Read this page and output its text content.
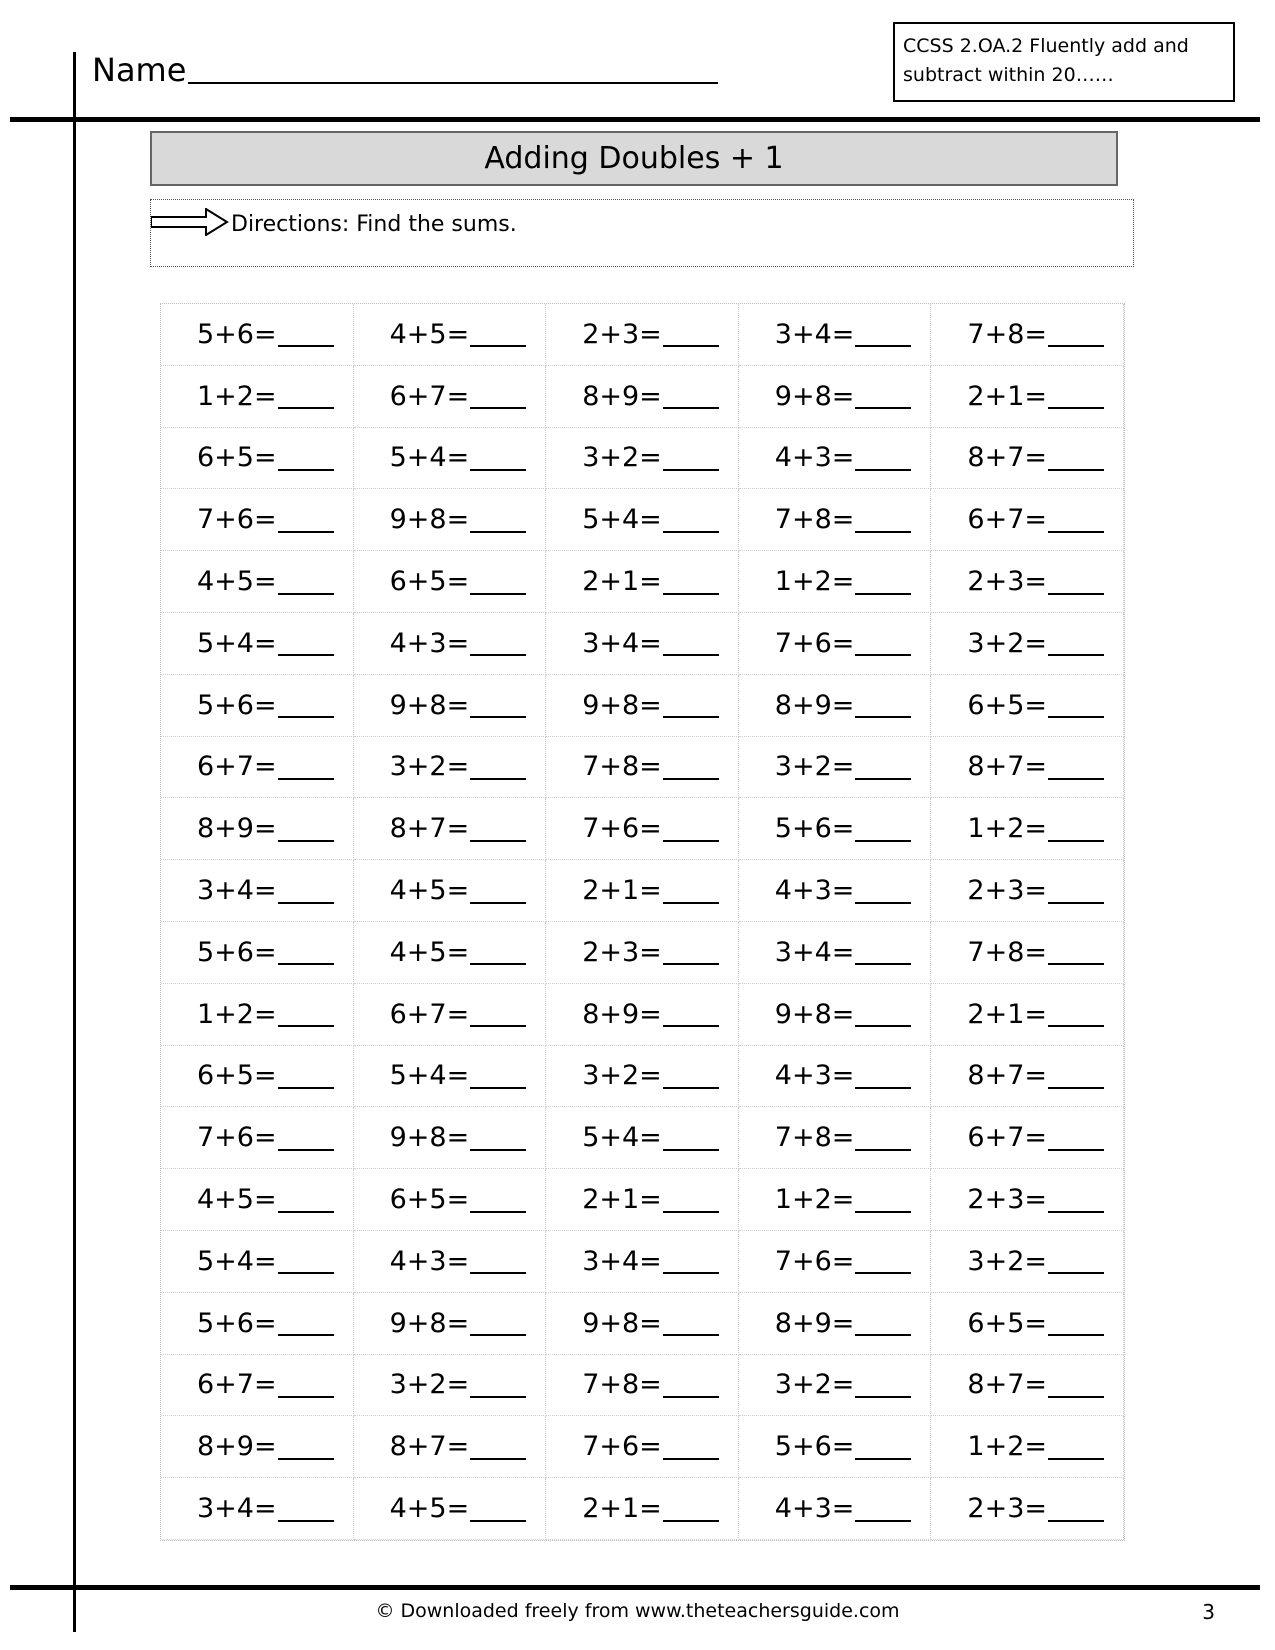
Name
CCSS 2.OA.2 Fluently add and subtract within 20……
Adding Doubles + 1
Directions: Find the sums.
5+6=	4+5=	2+3=	3+4=	7+8=
1+2=	6+7=	8+9=	9+8=	2+1=
6+5=	5+4=	3+2=	4+3=	8+7=
7+6=	9+8=	5+4=	7+8=	6+7=
4+5=	6+5=	2+1=	1+2=	2+3=
5+4=	4+3=	3+4=	7+6=	3+2=
5+6=	9+8=	9+8=	8+9=	6+5=
6+7=	3+2=	7+8=	3+2=	8+7=
8+9=	8+7=	7+6=	5+6=	1+2=
3+4=	4+5=	2+1=	4+3=	2+3=
5+6=	4+5=	2+3=	3+4=	7+8=
1+2=	6+7=	8+9=	9+8=	2+1=
6+5=	5+4=	3+2=	4+3=	8+7=
7+6=	9+8=	5+4=	7+8=	6+7=
4+5=	6+5=	2+1=	1+2=	2+3=
5+4=	4+3=	3+4=	7+6=	3+2=
5+6=	9+8=	9+8=	8+9=	6+5=
6+7=	3+2=	7+8=	3+2=	8+7=
8+9=	8+7=	7+6=	5+6=	1+2=
3+4=	4+5=	2+1=	4+3=	2+3=
© Downloaded freely from www.theteachersguide.com	3
